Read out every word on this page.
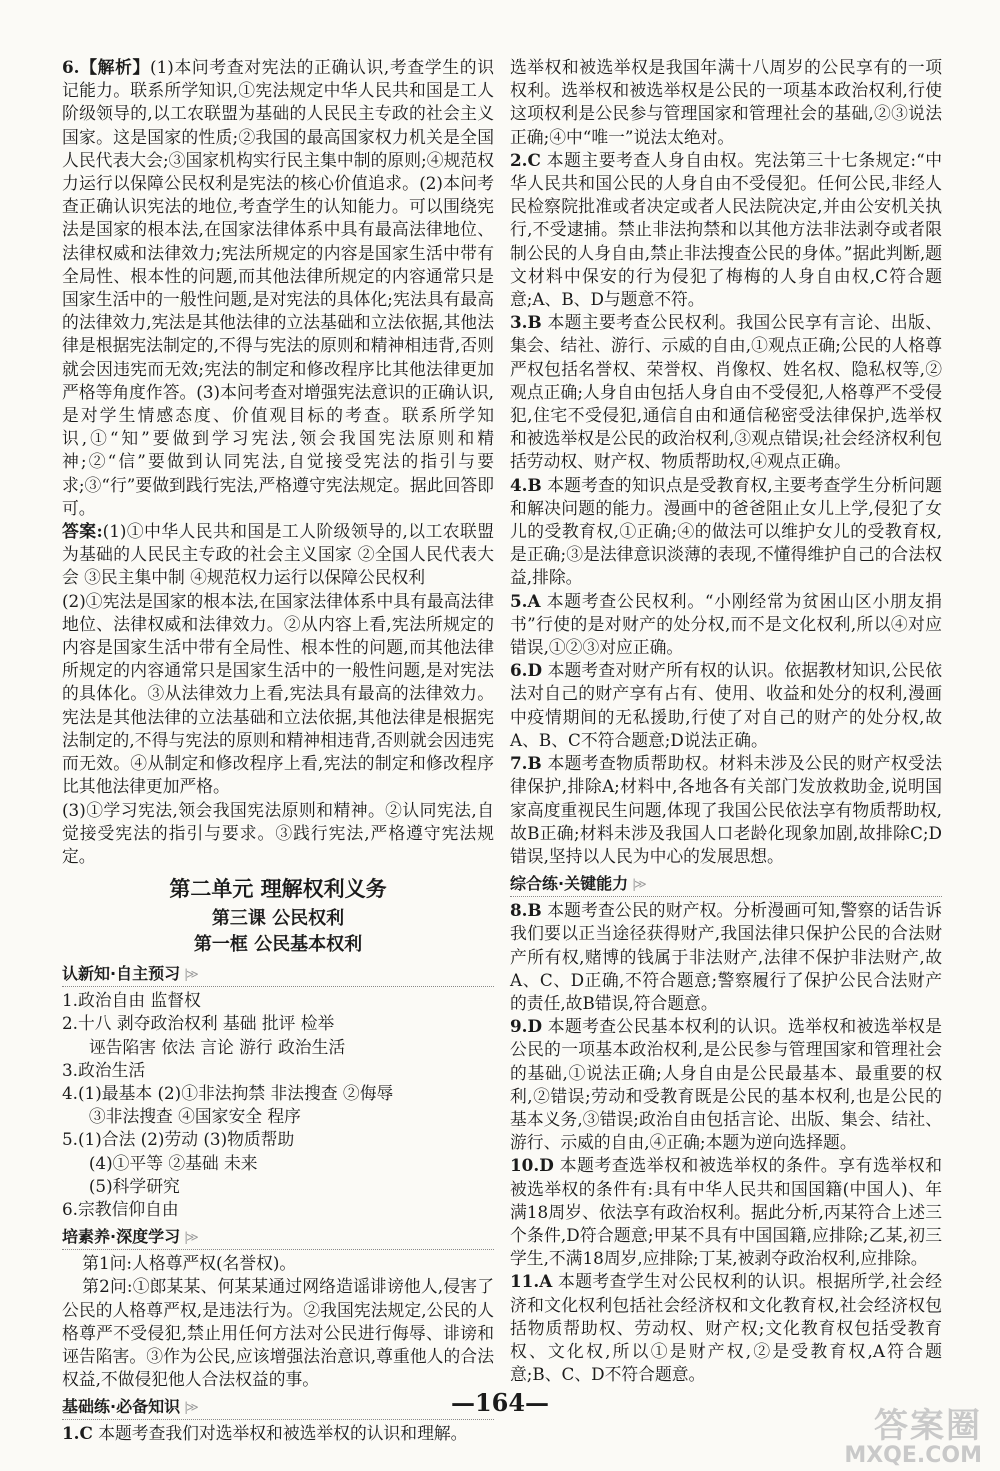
6.【解析】(1)本问考查对宪法的正确认识,考查学生的识记能力。联系所学知识,①宪法规定中华人民共和国是工人阶级领导的,以工农联盟为基础的人民民主专政的社会主义国家。这是国家的性质;②我国的最高国家权力机关是全国人民代表大会;③国家机构实行民主集中制的原则;④规范权力运行以保障公民权利是宪法的核心价值追求。(2)本问考查正确认识宪法的地位,考查学生的认知能力。可以围绕宪法是国家的根本法,在国家法律体系中具有最高法律地位、法律权威和法律效力;宪法所规定的内容是国家生活中带有全局性、根本性的问题,而其他法律所规定的内容通常只是国家生活中的一般性问题,是对宪法的具体化;宪法具有最高的法律效力,宪法是其他法律的立法基础和立法依据,其他法律是根据宪法制定的,不得与宪法的原则和精神相违背,否则就会因违宪而无效;宪法的制定和修改程序比其他法律更加严格等角度作答。(3)本问考查对增强宪法意识的正确认识,是对学生情感态度、价值观目标的考查。联系所学知识,①“知”要做到学习宪法,领会我国宪法原则和精神;②“信”要做到认同宪法,自觉接受宪法的指引与要求;③“行”要做到践行宪法,严格遵守宪法规定。据此回答即可。

答案:(1)①中华人民共和国是工人阶级领导的,以工农联盟为基础的人民民主专政的社会主义国家 ②全国人民代表大会 ③民主集中制 ④规范权力运行以保障公民权利

(2)①宪法是国家的根本法,在国家法律体系中具有最高法律地位、法律权威和法律效力。②从内容上看,宪法所规定的内容是国家生活中带有全局性、根本性的问题,而其他法律所规定的内容通常只是国家生活中的一般性问题,是对宪法的具体化。③从法律效力上看,宪法具有最高的法律效力。宪法是其他法律的立法基础和立法依据,其他法律是根据宪法制定的,不得与宪法的原则和精神相违背,否则就会因违宪而无效。④从制定和修改程序上看,宪法的制定和修改程序比其他法律更加严格。

(3)①学习宪法,领会我国宪法原则和精神。②认同宪法,自觉接受宪法的指引与要求。③践行宪法,严格遵守宪法规定。

第二单元 理解权利义务
第三课 公民权利
第一框 公民基本权利
认新知·自主预习 |≫
1.政治自由 监督权
2.十八 剥夺政治权利 基础 批评 检举
诬告陷害 依法 言论 游行 政治生活
3.政治生活
4.(1)最基本 (2)①非法拘禁 非法搜查 ②侮辱
③非法搜查 ④国家安全 程序
5.(1)合法 (2)劳动 (3)物质帮助
(4)①平等 ②基础 未来
(5)科学研究
6.宗教信仰自由
培素养·深度学习 |≫

第1问:人格尊严权(名誉权)。

第2问:①郎某某、何某某通过网络造谣诽谤他人,侵害了公民的人格尊严权,是违法行为。②我国宪法规定,公民的人格尊严不受侵犯,禁止用任何方法对公民进行侮辱、诽谤和诬告陷害。③作为公民,应该增强法治意识,尊重他人的合法权益,不做侵犯他人合法权益的事。

基础练·必备知识 |≫

1.C 本题考查我们对选举权和被选举权的认识和理解。

选举权和被选举权是我国年满十八周岁的公民享有的一项权利。选举权和被选举权是公民的一项基本政治权利,行使这项权利是公民参与管理国家和管理社会的基础,②③说法正确;④中“唯一”说法太绝对。

2.C 本题主要考查人身自由权。宪法第三十七条规定:“中华人民共和国公民的人身自由不受侵犯。任何公民,非经人民检察院批准或者决定或者人民法院决定,并由公安机关执行,不受逮捕。禁止非法拘禁和以其他方法非法剥夺或者限制公民的人身自由,禁止非法搜查公民的身体。”据此判断,题文材料中保安的行为侵犯了梅梅的人身自由权,C符合题意;A、B、D与题意不符。

3.B 本题主要考查公民权利。我国公民享有言论、出版、集会、结社、游行、示威的自由,①观点正确;公民的人格尊严权包括名誉权、荣誉权、肖像权、姓名权、隐私权等,②观点正确;人身自由包括人身自由不受侵犯,人格尊严不受侵犯,住宅不受侵犯,通信自由和通信秘密受法律保护,选举权和被选举权是公民的政治权利,③观点错误;社会经济权利包括劳动权、财产权、物质帮助权,④观点正确。

4.B 本题考查的知识点是受教育权,主要考查学生分析问题和解决问题的能力。漫画中的爸爸阻止女儿上学,侵犯了女儿的受教育权,①正确;④的做法可以维护女儿的受教育权,是正确;③是法律意识淡薄的表现,不懂得维护自己的合法权益,排除。

5.A 本题考查公民权利。“小刚经常为贫困山区小朋友捐书”行使的是对财产的处分权,而不是文化权利,所以④对应错误,①②③对应正确。

6.D 本题考查对财产所有权的认识。依据教材知识,公民依法对自己的财产享有占有、使用、收益和处分的权利,漫画中疫情期间的无私援助,行使了对自己的财产的处分权,故A、B、C不符合题意;D说法正确。

7.B 本题考查物质帮助权。材料未涉及公民的财产权受法律保护,排除A;材料中,各地各有关部门发放救助金,说明国家高度重视民生问题,体现了我国公民依法享有物质帮助权,故B正确;材料未涉及我国人口老龄化现象加剧,故排除C;D错误,坚持以人民为中心的发展思想。

综合练·关键能力 |≫

8.B 本题考查公民的财产权。分析漫画可知,警察的话告诉我们要以正当途径获得财产,我国法律只保护公民的合法财产所有权,赌博的钱属于非法财产,法律不保护非法财产,故A、C、D正确,不符合题意;警察履行了保护公民合法财产的责任,故B错误,符合题意。

9.D 本题考查公民基本权利的认识。选举权和被选举权是公民的一项基本政治权利,是公民参与管理国家和管理社会的基础,①说法正确;人身自由是公民最基本、最重要的权利,②错误;劳动和受教育既是公民的基本权利,也是公民的基本义务,③错误;政治自由包括言论、出版、集会、结社、游行、示威的自由,④正确;本题为逆向选择题。

10.D 本题考查选举权和被选举权的条件。享有选举权和被选举权的条件有:具有中华人民共和国国籍(中国人)、年满18周岁、依法享有政治权利。据此分析,丙某符合上述三个条件,D符合题意;甲某不具有中国国籍,应排除;乙某,初三学生,不满18周岁,应排除;丁某,被剥夺政治权利,应排除。

11.A 本题考查学生对公民权利的认识。根据所学,社会经济和文化权利包括社会经济权和文化教育权,社会经济权包括物质帮助权、劳动权、财产权;文化教育权包括受教育权、文化权,所以①是财产权,②是受教育权,A符合题意;B、C、D不符合题意。

—164—
答案圈
MXQE.COM
